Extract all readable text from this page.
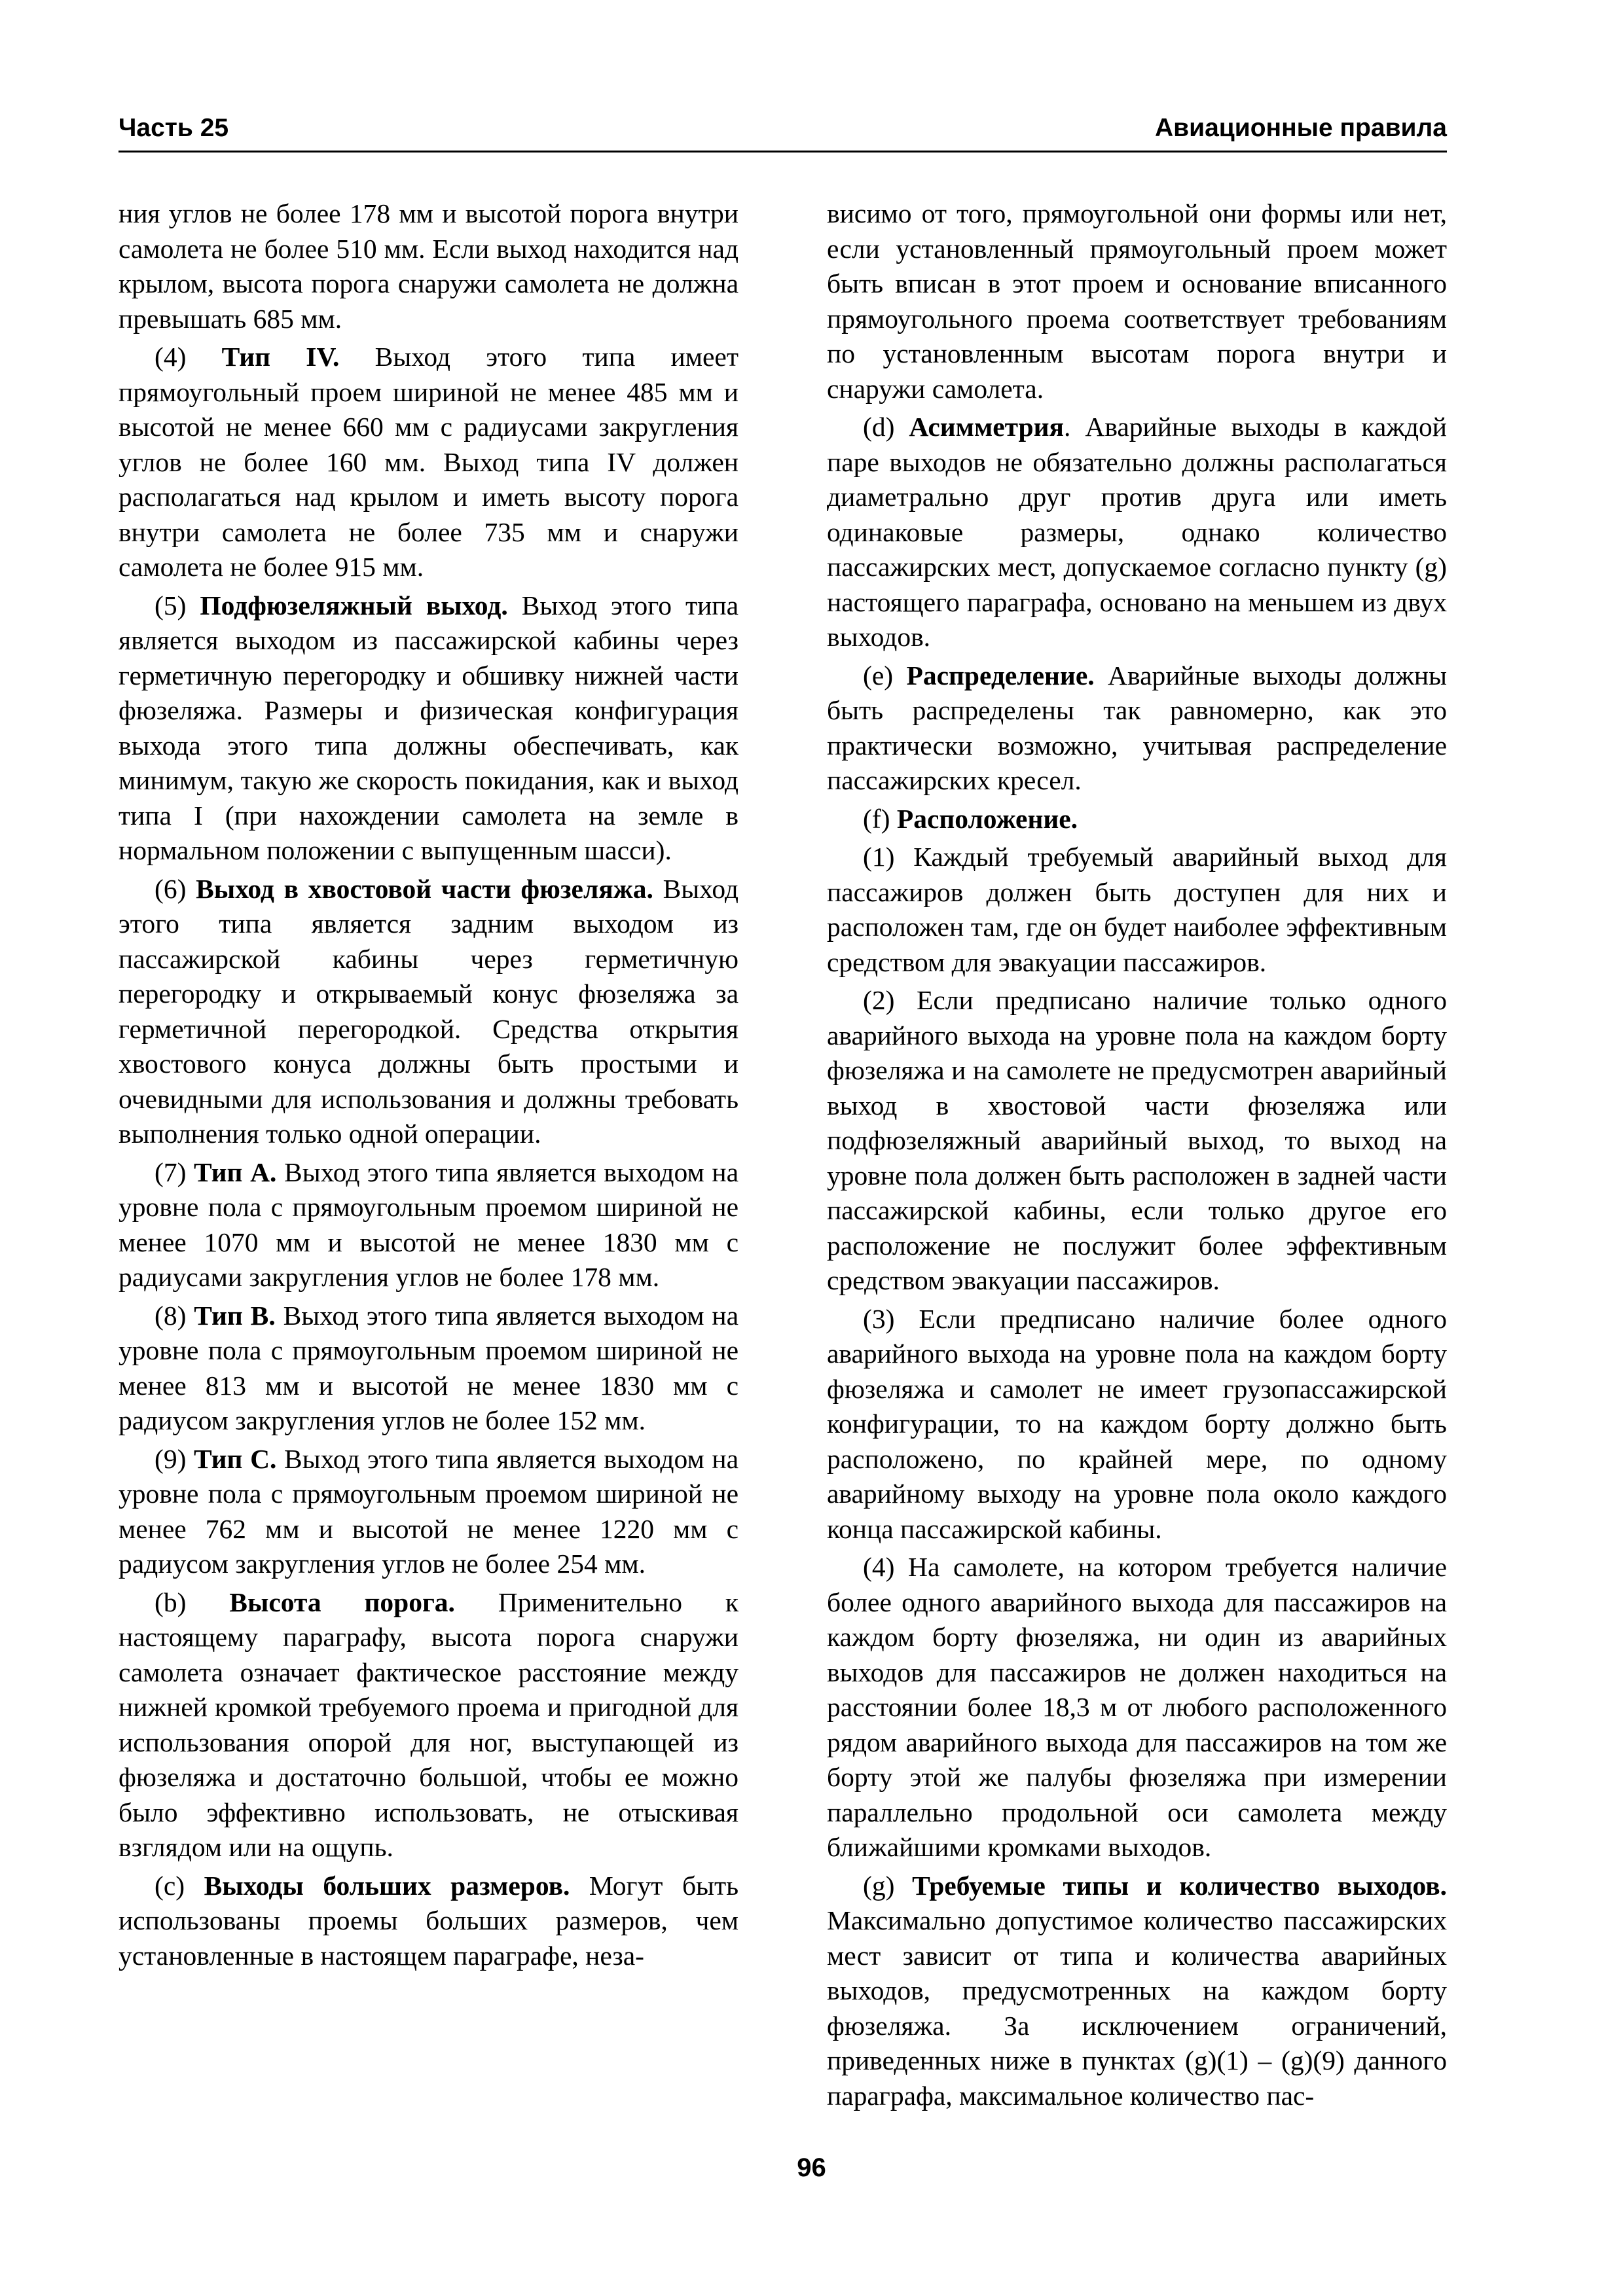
Часть 25	Авиационные правила

ния углов не более 178 мм и высотой порога внутри самолета не более 510 мм. Если выход находится над крылом, высота порога снаружи самолета не должна превышать 685 мм.

(4) Тип IV. Выход этого типа имеет прямоугольный проем шириной не менее 485 мм и высотой не менее 660 мм с радиусами закругления углов не более 160 мм. Выход типа IV должен располагаться над крылом и иметь высоту порога внутри самолета не более 735 мм и снаружи самолета не более 915 мм.

(5) Подфюзеляжный выход. Выход этого типа является выходом из пассажирской кабины через герметичную перегородку и обшивку нижней части фюзеляжа. Размеры и физическая конфигурация выхода этого типа должны обеспечивать, как минимум, такую же скорость покидания, как и выход типа I (при нахождении самолета на земле в нормальном положении с выпущенным шасси).

(6) Выход в хвостовой части фюзеляжа. Выход этого типа является задним выходом из пассажирской кабины через герметичную перегородку и открываемый конус фюзеляжа за герметичной перегородкой. Средства открытия хвостового конуса должны быть простыми и очевидными для использования и должны требовать выполнения только одной операции.

(7) Тип А. Выход этого типа является выходом на уровне пола с прямоугольным проемом шириной не менее 1070 мм и высотой не менее 1830 мм с радиусами закругления углов не более 178 мм.

(8) Тип В. Выход этого типа является выходом на уровне пола с прямоугольным проемом шириной не менее 813 мм и высотой не менее 1830 мм с радиусом закругления углов не более 152 мм.

(9) Тип С. Выход этого типа является выходом на уровне пола с прямоугольным проемом шириной не менее 762 мм и высотой не менее 1220 мм с радиусом закругления углов не более 254 мм.

(b) Высота порога. Применительно к настоящему параграфу, высота порога снаружи самолета означает фактическое расстояние между нижней кромкой требуемого проема и пригодной для использования опорой для ног, выступающей из фюзеляжа и достаточно большой, чтобы ее можно было эффективно использовать, не отыскивая взглядом или на ощупь.

(c) Выходы больших размеров. Могут быть использованы проемы больших размеров, чем установленные в настоящем параграфе, неза-

висимо от того, прямоугольной они формы или нет, если установленный прямоугольный проем может быть вписан в этот проем и основание вписанного прямоугольного проема соответствует требованиям по установленным высотам порога внутри и снаружи самолета.

(d) Асимметрия. Аварийные выходы в каждой паре выходов не обязательно должны располагаться диаметрально друг против друга или иметь одинаковые размеры, однако количество пассажирских мест, допускаемое согласно пункту (g) настоящего параграфа, основано на меньшем из двух выходов.

(e) Распределение. Аварийные выходы должны быть распределены так равномерно, как это практически возможно, учитывая распределение пассажирских кресел.

(f) Расположение.

(1) Каждый требуемый аварийный выход для пассажиров должен быть доступен для них и расположен там, где он будет наиболее эффективным средством для эвакуации пассажиров.

(2) Если предписано наличие только одного аварийного выхода на уровне пола на каждом борту фюзеляжа и на самолете не предусмотрен аварийный выход в хвостовой части фюзеляжа или подфюзеляжный аварийный выход, то выход на уровне пола должен быть расположен в задней части пассажирской кабины, если только другое его расположение не послужит более эффективным средством эвакуации пассажиров.

(3) Если предписано наличие более одного аварийного выхода на уровне пола на каждом борту фюзеляжа и самолет не имеет грузопассажирской конфигурации, то на каждом борту должно быть расположено, по крайней мере, по одному аварийному выходу на уровне пола около каждого конца пассажирской кабины.

(4) На самолете, на котором требуется наличие более одного аварийного выхода для пассажиров на каждом борту фюзеляжа, ни один из аварийных выходов для пассажиров не должен находиться на расстоянии более 18,3 м от любого расположенного рядом аварийного выхода для пассажиров на том же борту этой же палубы фюзеляжа при измерении параллельно продольной оси самолета между ближайшими кромками выходов.

(g) Требуемые типы и количество выходов. Максимально допустимое количество пассажирских мест зависит от типа и количества аварийных выходов, предусмотренных на каждом борту фюзеляжа. За исключением ограничений, приведенных ниже в пунктах (g)(1) – (g)(9) данного параграфа, максимальное количество пас-

96
